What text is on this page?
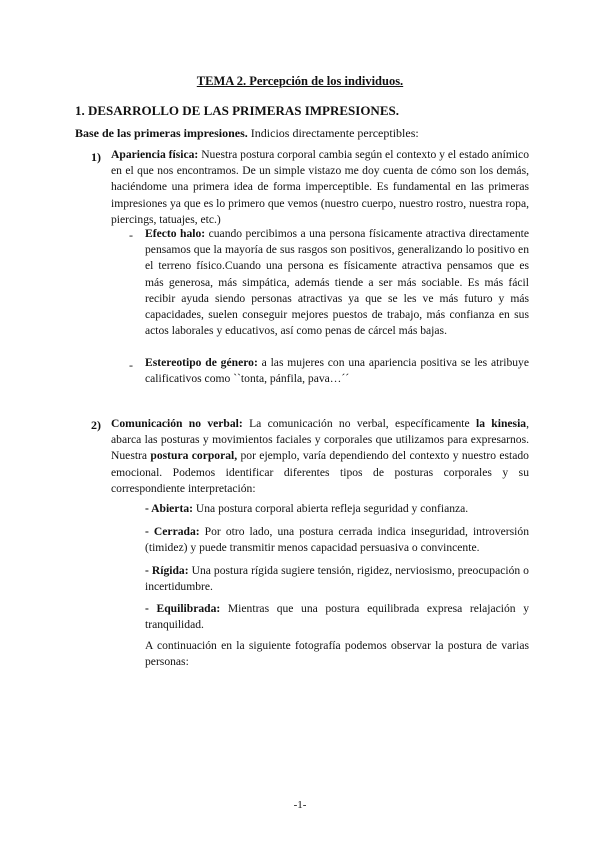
TEMA 2. Percepción de los individuos.
1. DESARROLLO DE LAS PRIMERAS IMPRESIONES.
Base de las primeras impresiones. Indicios directamente perceptibles:
1) Apariencia física: Nuestra postura corporal cambia según el contexto y el estado anímico en el que nos encontramos. De un simple vistazo me doy cuenta de cómo son los demás, haciéndome una primera idea de forma imperceptible. Es fundamental en las primeras impresiones ya que es lo primero que vemos (nuestro cuerpo, nuestro rostro, nuestra ropa, piercings, tatuajes, etc.)
- Efecto halo: cuando percibimos a una persona físicamente atractiva directamente pensamos que la mayoría de sus rasgos son positivos, generalizando lo positivo en el terreno físico.Cuando una persona es físicamente atractiva pensamos que es más generosa, más simpática, además tiende a ser más sociable. Es más fácil recibir ayuda siendo personas atractivas ya que se les ve más futuro y más capacidades, suelen conseguir mejores puestos de trabajo, más confianza en sus actos laborales y educativos, así como penas de cárcel más bajas.
- Estereotipo de género: a las mujeres con una apariencia positiva se les atribuye calificativos como ``tonta, pánfila, pava…´´
2) Comunicación no verbal: La comunicación no verbal, específicamente la kinesia, abarca las posturas y movimientos faciales y corporales que utilizamos para expresarnos. Nuestra postura corporal, por ejemplo, varía dependiendo del contexto y nuestro estado emocional. Podemos identificar diferentes tipos de posturas corporales y su correspondiente interpretación:
- Abierta: Una postura corporal abierta refleja seguridad y confianza.
- Cerrada: Por otro lado, una postura cerrada indica inseguridad, introversión (timidez) y puede transmitir menos capacidad persuasiva o convincente.
- Rígida: Una postura rígida sugiere tensión, rigidez, nerviosismo, preocupación o incertidumbre.
- Equilibrada: Mientras que una postura equilibrada expresa relajación y tranquilidad.
A continuación en la siguiente fotografía podemos observar la postura de varias personas:
-1-
